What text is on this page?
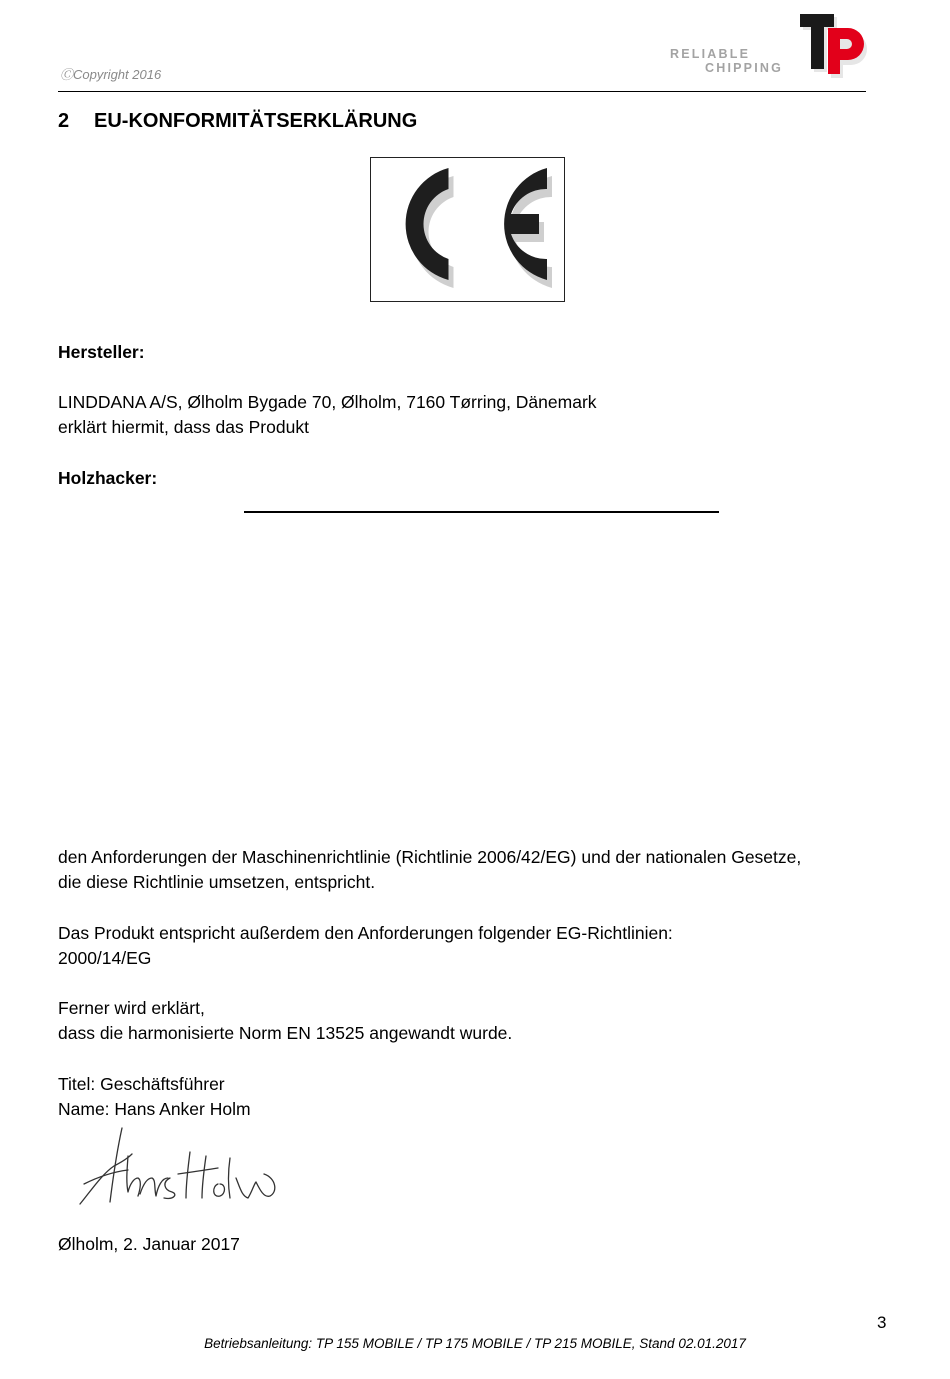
ⒸCopyright 2016
RELIABLE
CHIPPING
2 EU-KONFORMITÄTSERKLÄRUNG
Hersteller:
LINDDANA A/S, Ølholm Bygade 70, Ølholm, 7160 Tørring, Dänemark
erklärt hiermit, dass das Produkt
Holzhacker:
den Anforderungen der Maschinenrichtlinie (Richtlinie 2006/42/EG) und der nationalen Gesetze,
die diese Richtlinie umsetzen, entspricht.
Das Produkt entspricht außerdem den Anforderungen folgender EG-Richtlinien:
2000/14/EG
Ferner wird erklärt,
dass die harmonisierte Norm EN 13525 angewandt wurde.
Titel: Geschäftsführer
Name: Hans Anker Holm
Ølholm, 2. Januar 2017
3
Betriebsanleitung: TP 155 MOBILE / TP 175 MOBILE / TP 215 MOBILE, Stand 02.01.2017
